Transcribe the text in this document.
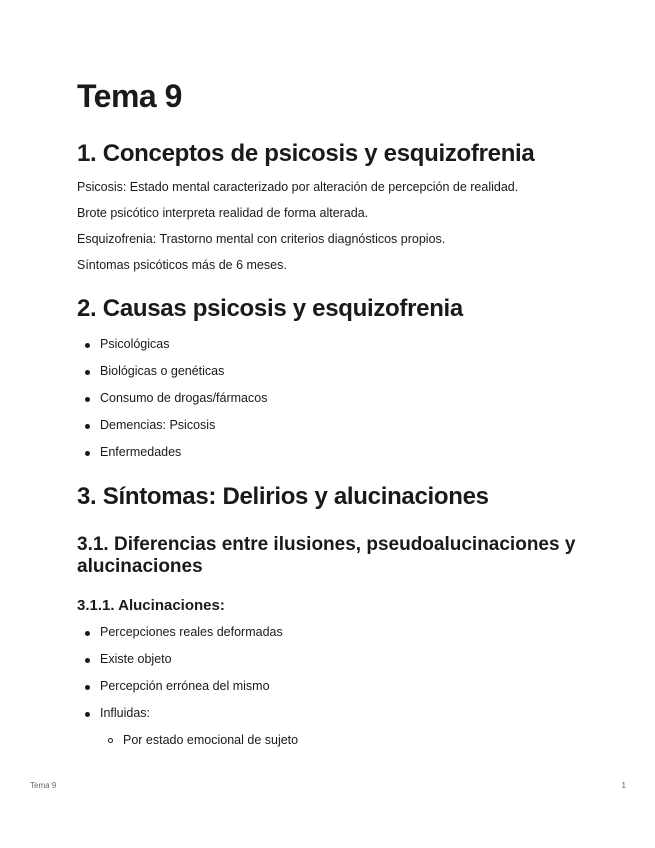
Tema 9
1. Conceptos de psicosis y esquizofrenia

Psicosis: Estado mental caracterizado por alteración de percepción de realidad.

Brote psicótico interpreta realidad de forma alterada.

Esquizofrenia: Trastorno mental con criterios diagnósticos propios.

Síntomas psicóticos más de 6 meses.

2. Causas psicosis y esquizofrenia
Psicológicas
Biológicas o genéticas
Consumo de drogas/fármacos
Demencias: Psicosis
Enfermedades
3. Síntomas: Delirios y alucinaciones
3.1. Diferencias entre ilusiones, pseudoalucinaciones y alucinaciones
3.1.1. Alucinaciones:
Percepciones reales deformadas
Existe objeto
Percepción errónea del mismo
Influidas:
Por estado emocional de sujeto
Tema 9	1
